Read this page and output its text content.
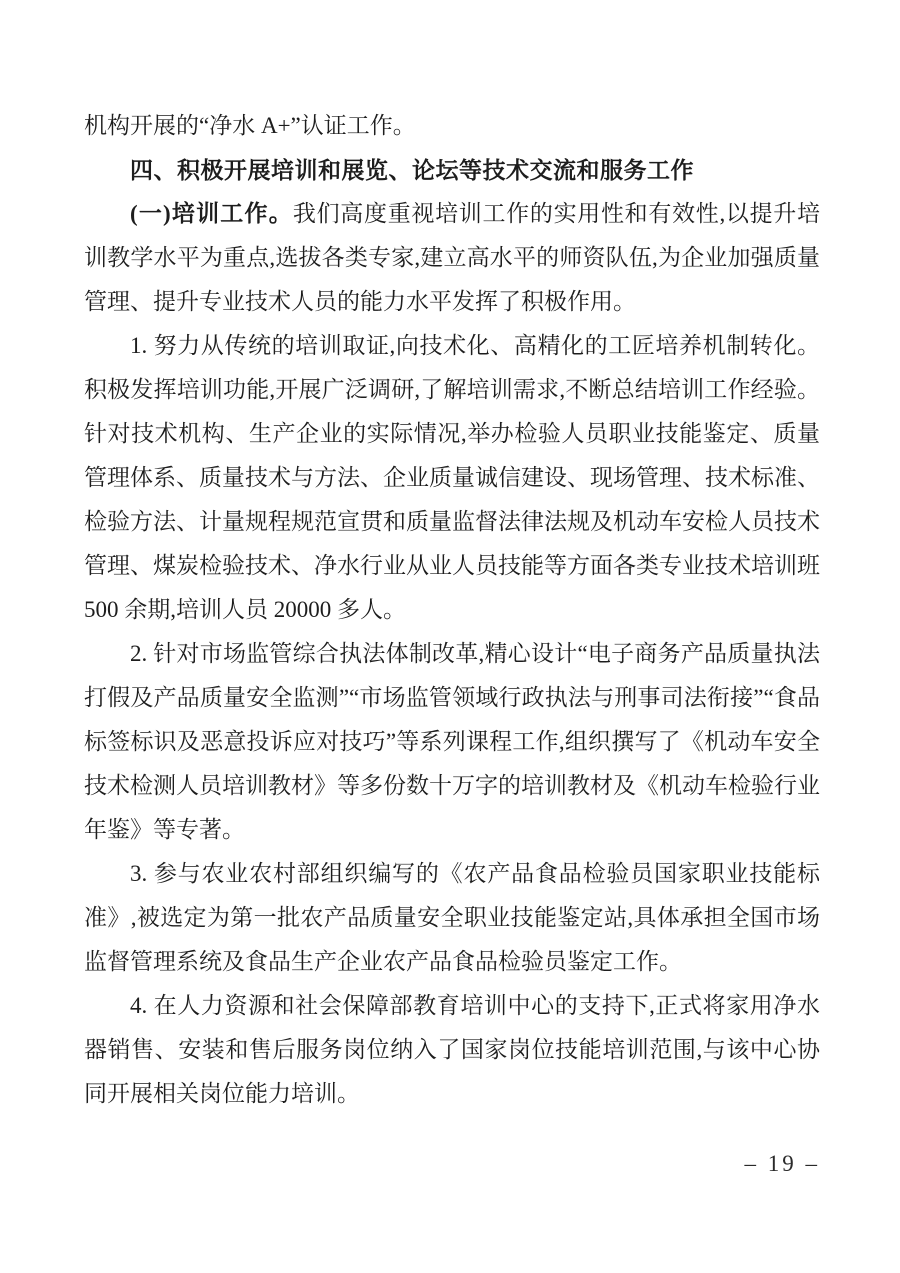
机构开展的“净水 A+”认证工作。

四、积极开展培训和展览、论坛等技术交流和服务工作

(一)培训工作。我们高度重视培训工作的实用性和有效性,以提升培训教学水平为重点,选拔各类专家,建立高水平的师资队伍,为企业加强质量管理、提升专业技术人员的能力水平发挥了积极作用。

1. 努力从传统的培训取证,向技术化、高精化的工匠培养机制转化。积极发挥培训功能,开展广泛调研,了解培训需求,不断总结培训工作经验。针对技术机构、生产企业的实际情况,举办检验人员职业技能鉴定、质量管理体系、质量技术与方法、企业质量诚信建设、现场管理、技术标准、检验方法、计量规程规范宣贯和质量监督法律法规及机动车安检人员技术管理、煤炭检验技术、净水行业从业人员技能等方面各类专业技术培训班 500 余期,培训人员 20000 多人。

2. 针对市场监管综合执法体制改革,精心设计“电子商务产品质量执法打假及产品质量安全监测”“市场监管领域行政执法与刑事司法衔接”“食品标签标识及恶意投诉应对技巧”等系列课程工作,组织撰写了《机动车安全技术检测人员培训教材》等多份数十万字的培训教材及《机动车检验行业年鉴》等专著。

3. 参与农业农村部组织编写的《农产品食品检验员国家职业技能标准》,被选定为第一批农产品质量安全职业技能鉴定站,具体承担全国市场监督管理系统及食品生产企业农产品食品检验员鉴定工作。

4. 在人力资源和社会保障部教育培训中心的支持下,正式将家用净水器销售、安装和售后服务岗位纳入了国家岗位技能培训范围,与该中心协同开展相关岗位能力培训。

– 19 –
